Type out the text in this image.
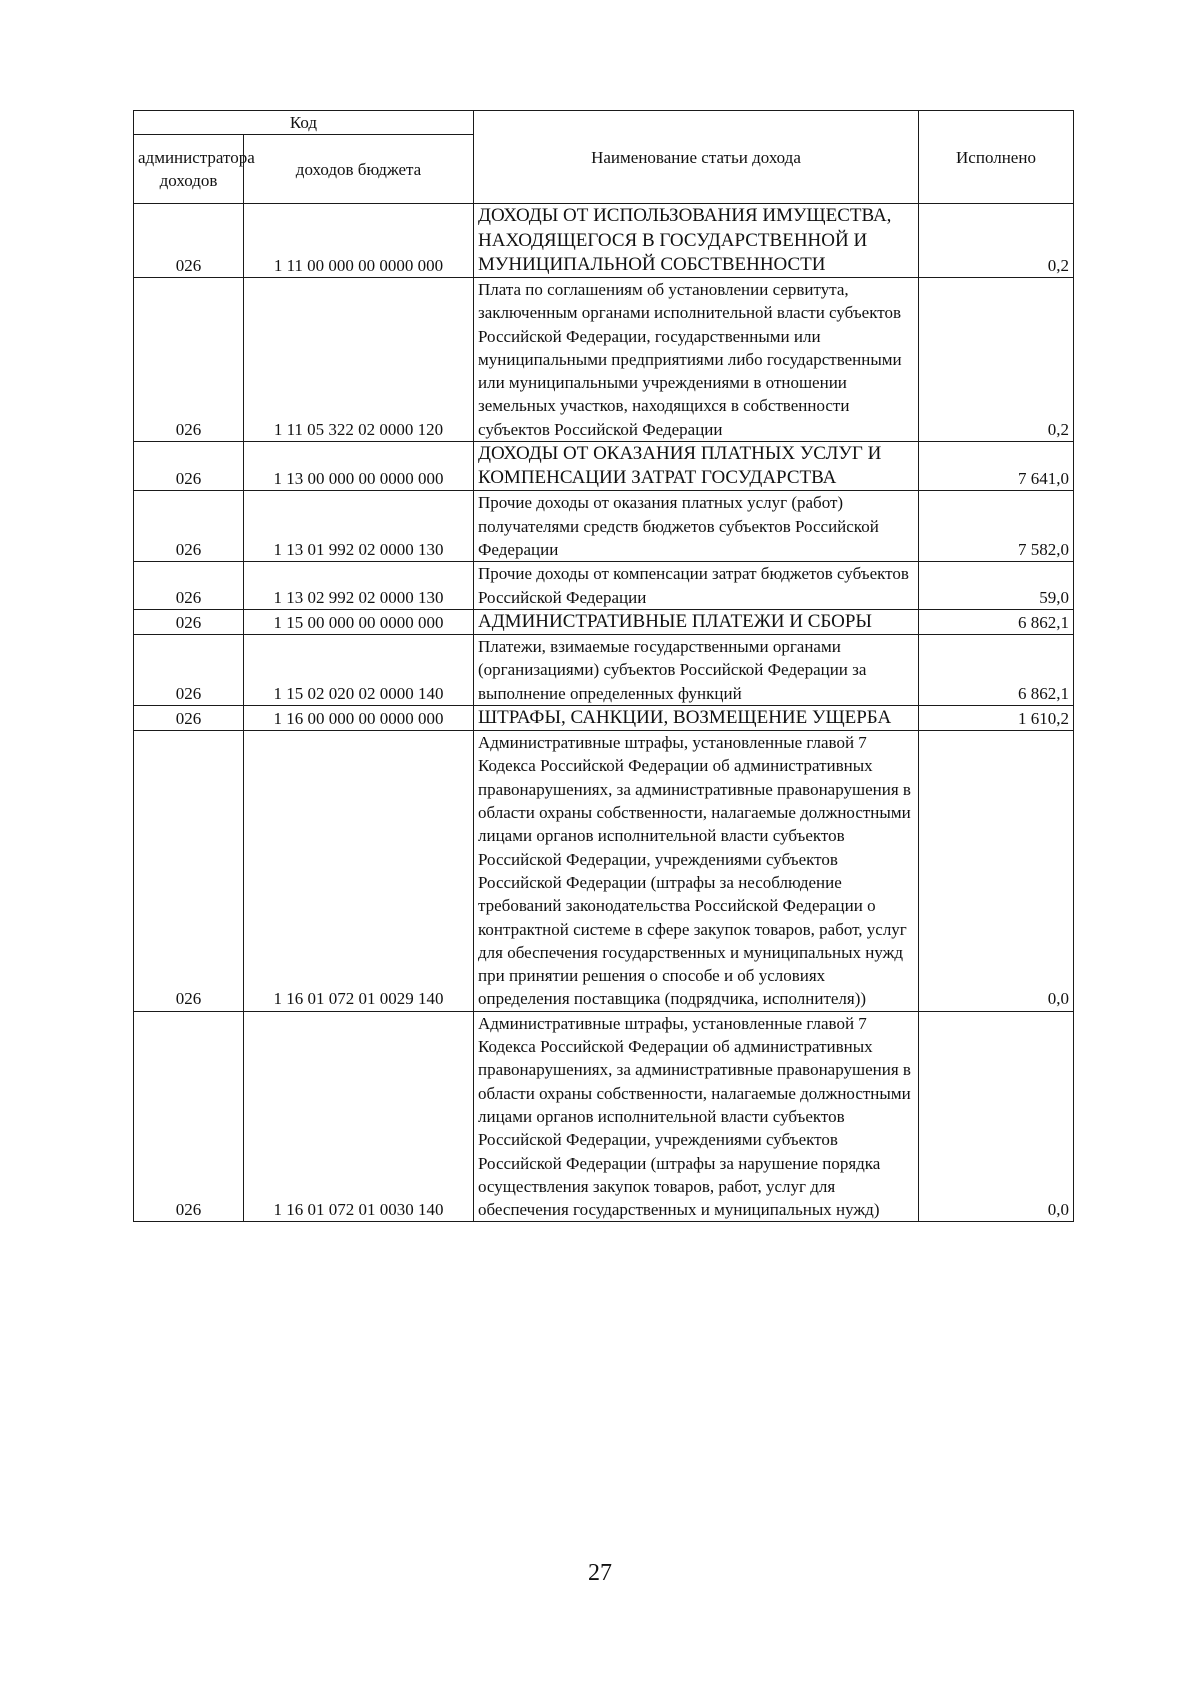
Код		Наименование статьи дохода	Исполнено
администратора доходов	доходов бюджета		
026	1 11 00 000 00 0000 000	ДОХОДЫ ОТ ИСПОЛЬЗОВАНИЯ ИМУЩЕСТВА, НАХОДЯЩЕГОСЯ В ГОСУДАРСТВЕННОЙ И МУНИЦИПАЛЬНОЙ СОБСТВЕННОСТИ	0,2
026	1 11 05 322 02 0000 120	Плата по соглашениям об установлении сервитута, заключенным органами исполнительной власти субъектов Российской Федерации, государственными или муниципальными предприятиями либо государственными или муниципальными учреждениями в отношении земельных участков, находящихся в собственности субъектов Российской Федерации	0,2
026	1 13 00 000 00 0000 000	ДОХОДЫ ОТ ОКАЗАНИЯ ПЛАТНЫХ УСЛУГ И КОМПЕНСАЦИИ ЗАТРАТ ГОСУДАРСТВА	7 641,0
026	1 13 01 992 02 0000 130	Прочие доходы от оказания платных услуг (работ) получателями средств бюджетов субъектов Российской Федерации	7 582,0
026	1 13 02 992 02 0000 130	Прочие доходы от компенсации затрат бюджетов субъектов Российской Федерации	59,0
026	1 15 00 000 00 0000 000	АДМИНИСТРАТИВНЫЕ ПЛАТЕЖИ И СБОРЫ	6 862,1
026	1 15 02 020 02 0000 140	Платежи, взимаемые государственными органами (организациями) субъектов Российской Федерации за выполнение определенных функций	6 862,1
026	1 16 00 000 00 0000 000	ШТРАФЫ, САНКЦИИ, ВОЗМЕЩЕНИЕ УЩЕРБА	1 610,2
026	1 16 01 072 01 0029 140	Административные штрафы, установленные главой 7 Кодекса Российской Федерации об административных правонарушениях, за административные правонарушения в области охраны собственности, налагаемые должностными лицами органов исполнительной власти субъектов Российской Федерации, учреждениями субъектов Российской Федерации (штрафы за несоблюдение требований законодательства Российской Федерации о контрактной системе в сфере закупок товаров, работ, услуг для обеспечения государственных и муниципальных нужд при принятии решения о способе и об условиях определения поставщика (подрядчика, исполнителя))	0,0
026	1 16 01 072 01 0030 140	Административные штрафы, установленные главой 7 Кодекса Российской Федерации об административных правонарушениях, за административные правонарушения в области охраны собственности, налагаемые должностными лицами органов исполнительной власти субъектов Российской Федерации, учреждениями субъектов Российской Федерации (штрафы за нарушение порядка осуществления закупок товаров, работ, услуг для обеспечения государственных и муниципальных нужд)	0,0
27
